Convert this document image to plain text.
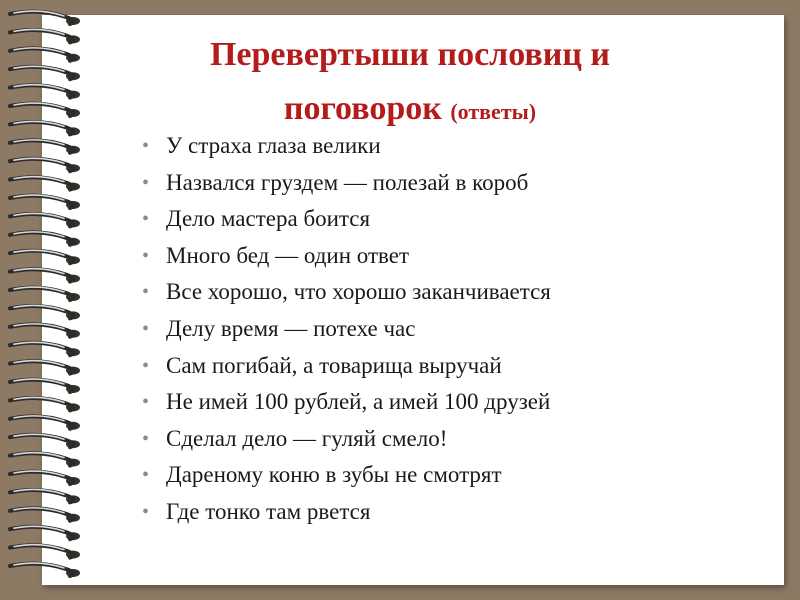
Перевертыши пословиц и поговорок (ответы)
• У страха глаза велики
• Назвался груздем — полезай в короб
• Дело мастера боится
• Много бед — один ответ
• Все хорошо, что хорошо заканчивается
• Делу время — потехе час
• Сам погибай, а товарища выручай
• Не имей 100 рублей, а имей 100 друзей
• Сделал дело — гуляй смело!
• Дареному коню в зубы не смотрят
• Где тонко там рвется
